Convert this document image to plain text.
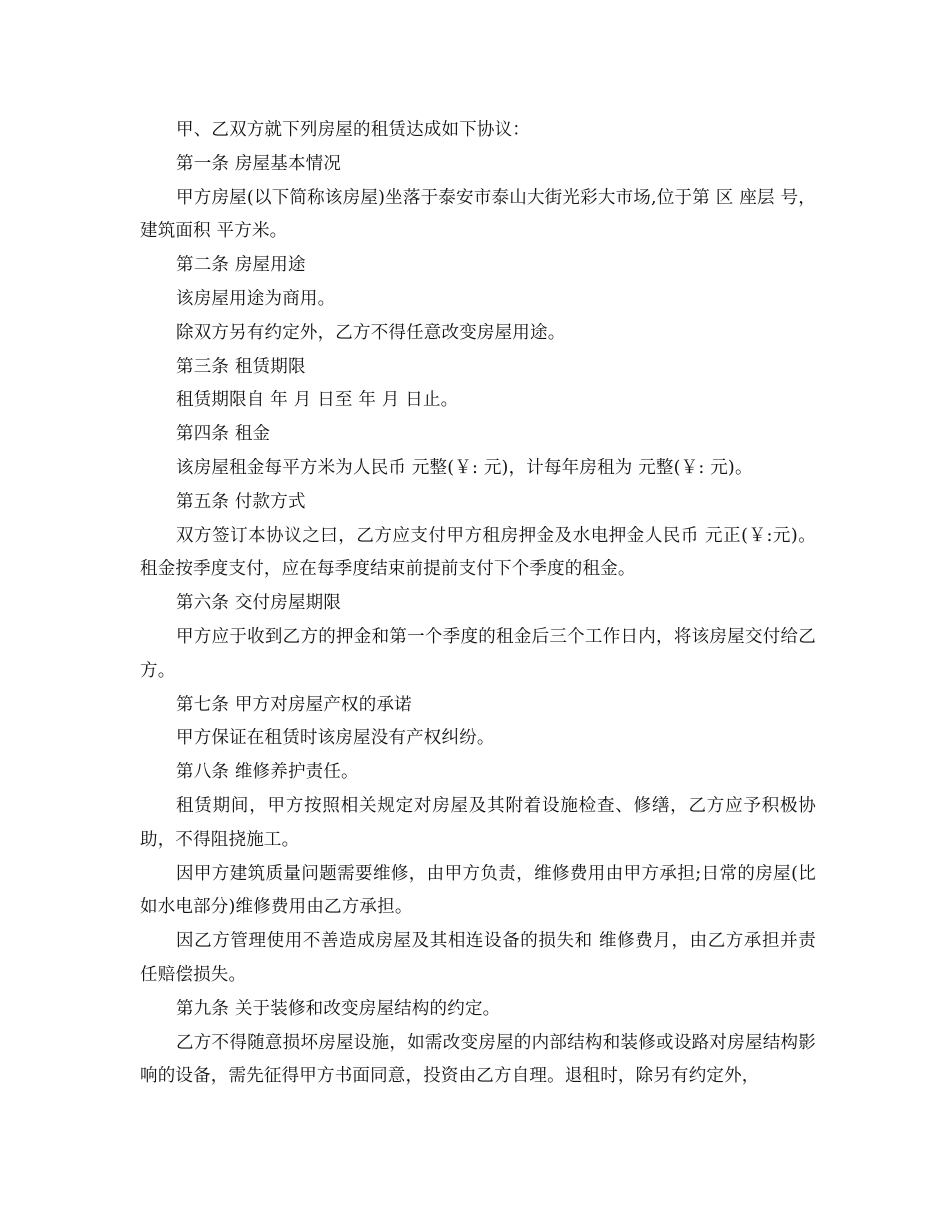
甲、乙双方就下列房屋的租赁达成如下协议：

第一条 房屋基本情况

甲方房屋(以下简称该房屋)坐落于泰安市泰山大街光彩大市场,位于第 区 座层 号，建筑面积 平方米。

第二条 房屋用途

该房屋用途为商用。

除双方另有约定外，乙方不得任意改变房屋用途。

第三条 租赁期限

租赁期限自 年 月 日至 年 月 日止。

第四条 租金

该房屋租金每平方米为人民币 元整(￥: 元)，计每年房租为 元整(￥: 元)。

第五条 付款方式

双方签订本协议之曰，乙方应支付甲方租房押金及水电押金人民币 元正(￥:元)。租金按季度支付，应在每季度结束前提前支付下个季度的租金。

第六条 交付房屋期限

甲方应于收到乙方的押金和第一个季度的租金后三个工作日内，将该房屋交付给乙方。

第七条 甲方对房屋产权的承诺

甲方保证在租赁时该房屋没有产权纠纷。

第八条 维修养护责任。

租赁期间，甲方按照相关规定对房屋及其附着设施检查、修缮，乙方应予积极协助，不得阻挠施工。

因甲方建筑质量问题需要维修，由甲方负责，维修费用由甲方承担;日常的房屋(比如水电部分)维修费用由乙方承担。

因乙方管理使用不善造成房屋及其相连设备的损失和 维修费月，由乙方承担并责任赔偿损失。

第九条 关于装修和改变房屋结构的约定。

乙方不得随意损坏房屋设施，如需改变房屋的内部结构和装修或设路对房屋结构影响的设备，需先征得甲方书面同意，投资由乙方自理。退租时，除另有约定外，
